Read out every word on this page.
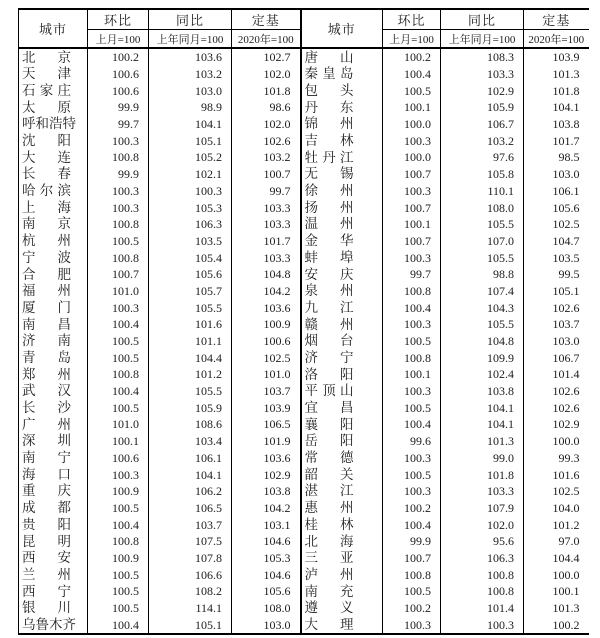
城市	环比	同比	定基	城市	环比	同比	定基
	上月=100	上年同月=100	2020年=100		上月=100	上年同月=100	2020年=100
北京	100.2	103.6	102.7	唐山	100.2	108.3	103.9
天津	100.6	103.2	102.0	秦皇岛	100.4	103.3	101.3
石家庄	100.6	103.0	101.8	包头	100.5	102.9	101.8
太原	99.9	98.9	98.6	丹东	100.1	105.9	104.1
呼和浩特	99.7	104.1	102.0	锦州	100.0	106.7	103.8
沈阳	100.3	105.1	102.6	吉林	100.3	103.2	101.7
大连	100.8	105.2	103.2	牡丹江	100.0	97.6	98.5
长春	99.9	102.1	100.7	无锡	100.7	105.8	103.0
哈尔滨	100.3	100.3	99.7	徐州	100.3	110.1	106.1
上海	100.3	105.3	103.3	扬州	100.7	108.0	105.6
南京	100.8	106.3	103.3	温州	100.1	105.5	102.5
杭州	100.5	103.5	101.7	金华	100.7	107.0	104.7
宁波	100.8	105.4	103.3	蚌埠	100.3	105.5	103.5
合肥	100.7	105.6	104.8	安庆	99.7	98.8	99.5
福州	101.0	105.7	104.2	泉州	100.8	107.4	105.1
厦门	100.3	105.5	103.6	九江	100.4	104.3	102.6
南昌	100.4	101.6	100.9	赣州	100.3	105.5	103.7
济南	100.5	101.1	100.6	烟台	100.5	104.8	103.0
青岛	100.5	104.4	102.5	济宁	100.8	109.9	106.7
郑州	100.8	101.2	101.0	洛阳	100.1	102.4	101.4
武汉	100.4	105.5	103.7	平顶山	100.3	103.8	102.6
长沙	100.5	105.9	103.9	宜昌	100.5	104.1	102.6
广州	101.0	108.6	106.5	襄阳	100.4	104.1	102.9
深圳	100.1	103.4	101.9	岳阳	99.6	101.3	100.0
南宁	100.6	106.1	103.6	常德	100.3	99.0	99.3
海口	100.3	104.1	102.9	韶关	100.5	101.8	101.6
重庆	100.9	106.2	103.8	湛江	100.3	103.3	102.5
成都	100.5	106.5	104.2	惠州	100.2	107.9	104.0
贵阳	100.4	103.7	103.1	桂林	100.4	102.0	101.2
昆明	100.8	107.5	104.6	北海	99.9	95.6	97.0
西安	100.9	107.8	105.3	三亚	100.7	106.3	104.4
兰州	100.5	106.6	104.6	泸州	100.8	100.8	100.0
西宁	100.5	108.2	105.6	南充	100.5	100.8	100.1
银川	100.5	114.1	108.0	遵义	100.2	101.4	101.3
乌鲁木齐	100.4	105.1	103.0	大理	100.3	100.3	100.2
